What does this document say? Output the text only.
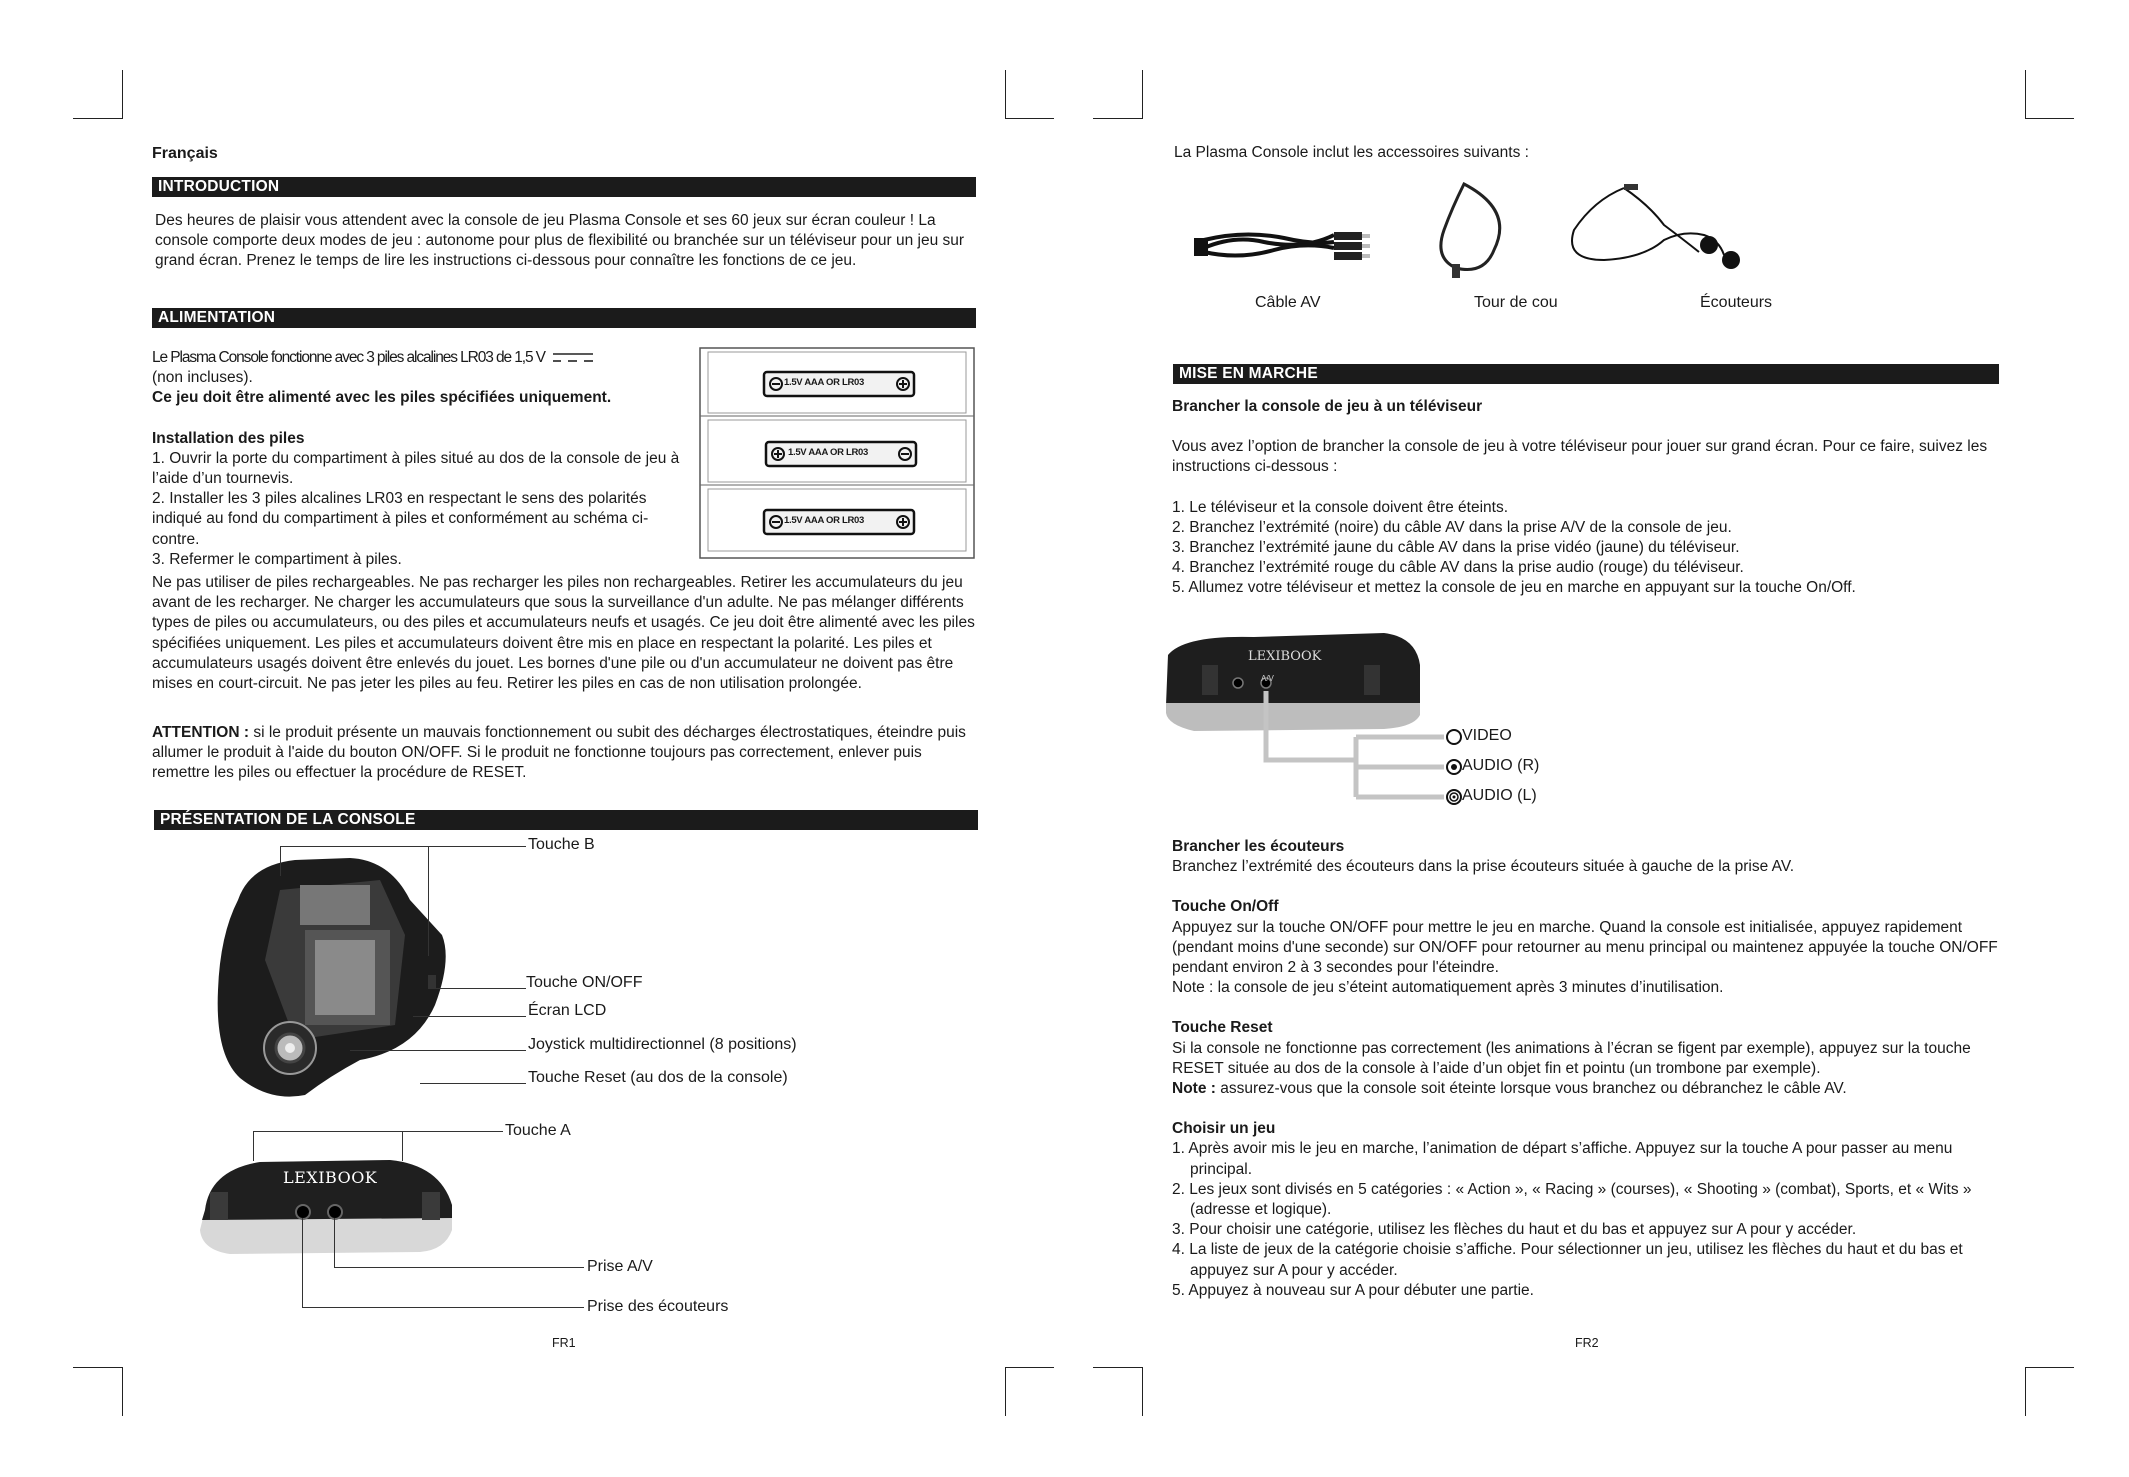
Français
INTRODUCTION
Des heures de plaisir vous attendent avec la console de jeu Plasma Console et ses 60 jeux sur écran couleur ! La console comporte deux modes de jeu : autonome pour plus de flexibilité ou branchée sur un téléviseur pour un jeu sur grand écran. Prenez le temps de lire les instructions ci-dessous pour connaître les fonctions de ce jeu.
ALIMENTATION

Le Plasma Console fonctionne avec 3 piles alcalines LR03 de 1,5 V

(non incluses).

Ce jeu doit être alimenté avec les piles spécifiées uniquement.

Installation des piles

1. Ouvrir la porte du compartiment à piles situé au dos de la console de jeu à l’aide d’un tournevis.

2. Installer les 3 piles alcalines LR03 en respectant le sens des polarités indiqué au fond du compartiment à piles et conformément au schéma ci-contre.

3. Refermer le compartiment à piles.

1.5V AAA OR LR03
1.5V AAA OR LR03
1.5V AAA OR LR03
Ne pas utiliser de piles rechargeables. Ne pas recharger les piles non rechargeables. Retirer les accumulateurs du jeu avant de les recharger. Ne charger les accumulateurs que sous la surveillance d'un adulte. Ne pas mélanger différents types de piles ou accumulateurs, ou des piles et accumulateurs neufs et usagés. Ce jeu doit être alimenté avec les piles spécifiées uniquement. Les piles et accumulateurs doivent être mis en place en respectant la polarité. Les piles et accumulateurs usagés doivent être enlevés du jouet. Les bornes d'une pile ou d'un accumulateur ne doivent pas être mises en court-circuit. Ne pas jeter les piles au feu. Retirer les piles en cas de non utilisation prolongée.
ATTENTION : si le produit présente un mauvais fonctionnement ou subit des décharges électrostatiques, éteindre puis allumer le produit à l'aide du bouton ON/OFF. Si le produit ne fonctionne toujours pas correctement, enlever puis remettre les piles ou effectuer la procédure de RESET.
PRÉSENTATION DE LA CONSOLE
Touche B
Touche ON/OFF
Écran LCD
Joystick multidirectionnel (8 positions)
Touche Reset (au dos de la console)
LEXIBOOK
Touche A
Prise A/V
Prise des écouteurs
FR1
La Plasma Console inclut les accessoires suivants :
Câble AV	Tour de cou	Écouteurs
MISE EN MARCHE

Brancher la console de jeu à un téléviseur

Vous avez l’option de brancher la console de jeu à votre téléviseur pour jouer sur grand écran. Pour ce faire, suivez les instructions ci-dessous :

1. Le téléviseur et la console doivent être éteints.

2. Branchez l’extrémité (noire) du câble AV dans la prise A/V de la console de jeu.

3. Branchez l’extrémité jaune du câble AV dans la prise vidéo (jaune) du téléviseur.

4. Branchez l’extrémité rouge du câble AV dans la prise audio (rouge) du téléviseur.

5. Allumez votre téléviseur et mettez la console de jeu en marche en appuyant sur la touche On/Off.

LEXIBOOK
A/V
VIDEO
AUDIO (R)
AUDIO (L)

Brancher les écouteurs

Branchez l’extrémité des écouteurs dans la prise écouteurs située à gauche de la prise AV.

Touche On/Off

Appuyez sur la touche ON/OFF pour mettre le jeu en marche. Quand la console est initialisée, appuyez rapidement (pendant moins d'une seconde) sur ON/OFF pour retourner au menu principal ou maintenez appuyée la touche ON/OFF pendant environ 2 à 3 secondes pour l'éteindre.

Note : la console de jeu s’éteint automatiquement après 3 minutes d’inutilisation.

Touche Reset

Si la console ne fonctionne pas correctement (les animations à l’écran se figent par exemple), appuyez sur la touche RESET située au dos de la console à l’aide d’un objet fin et pointu (un trombone par exemple).

Note : assurez-vous que la console soit éteinte lorsque vous branchez ou débranchez le câble AV.

Choisir un jeu

1. Après avoir mis le jeu en marche, l’animation de départ s’affiche. Appuyez sur la touche A pour passer au menu principal.

2. Les jeux sont divisés en 5 catégories : « Action », « Racing » (courses), « Shooting » (combat), Sports, et « Wits » (adresse et logique).

3. Pour choisir une catégorie, utilisez les flèches du haut et du bas et appuyez sur A pour y accéder.

4. La liste de jeux de la catégorie choisie s’affiche. Pour sélectionner un jeu, utilisez les flèches du haut et du bas et appuyez sur A pour y accéder.

5. Appuyez à nouveau sur A pour débuter une partie.

FR2
